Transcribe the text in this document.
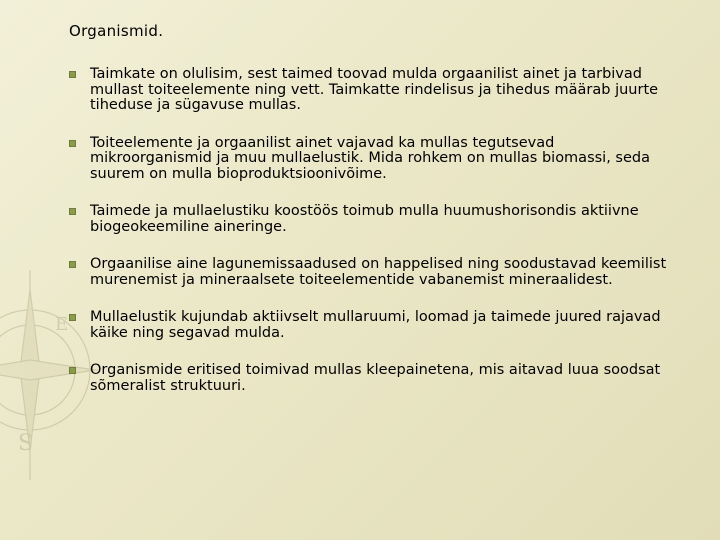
E
S
Organismid.
Taimkate on olulisim, sest taimed toovad mulda orgaanilist ainet ja tarbivad mullast toiteelemente ning vett. Taimkatte rindelisus ja tihedus määrab juurte tiheduse ja sügavuse mullas.
Toiteelemente ja orgaanilist ainet vajavad ka mullas tegutsevad mikroorganismid ja muu mullaelustik. Mida rohkem on mullas biomassi, seda suurem on mulla bioproduktsioonivõime.
Taimede ja mullaelustiku koostöös toimub mulla huumushorisondis aktiivne biogeokeemiline aineringe.
Orgaanilise aine lagunemissaadused on happelised ning soodustavad keemilist murenemist ja mineraalsete toiteelementide vabanemist mineraalidest.
Mullaelustik kujundab aktiivselt mullaruumi, loomad ja taimede juured rajavad käike ning segavad mulda.
Organismide eritised toimivad mullas kleepainetena, mis aitavad luua soodsat sõmeralist struktuuri.
